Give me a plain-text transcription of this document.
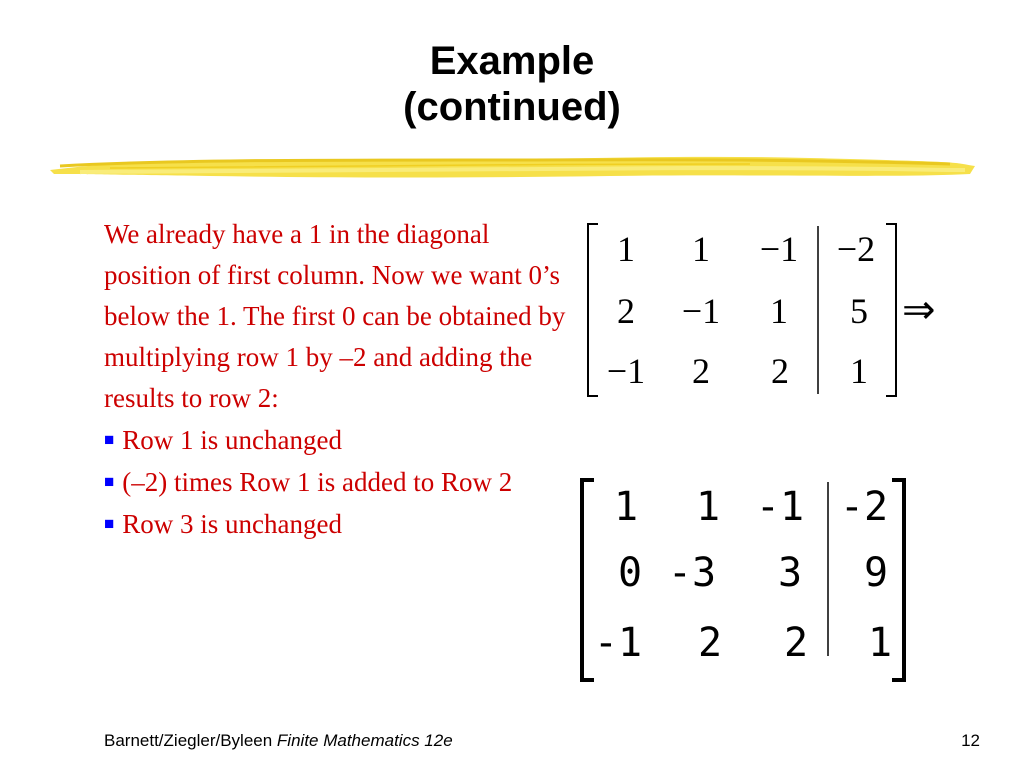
Example
(continued)

We already have a 1 in the diagonal position of first column. Now we want 0’s below the 1. The first 0 can be obtained by multiplying row 1 by –2 and adding the results to row 2:

■ Row 1 is unchanged

■ (–2) times Row 1 is added to Row 2

■ Row 3 is unchanged

1	1	−1 −2
2	−1	1	5
−1	2	2	1
⇒
1 1 -1 -2
0 -3 3 9
-1 2 2 1
Barnett/Ziegler/Byleen Finite Mathematics 12e	12
